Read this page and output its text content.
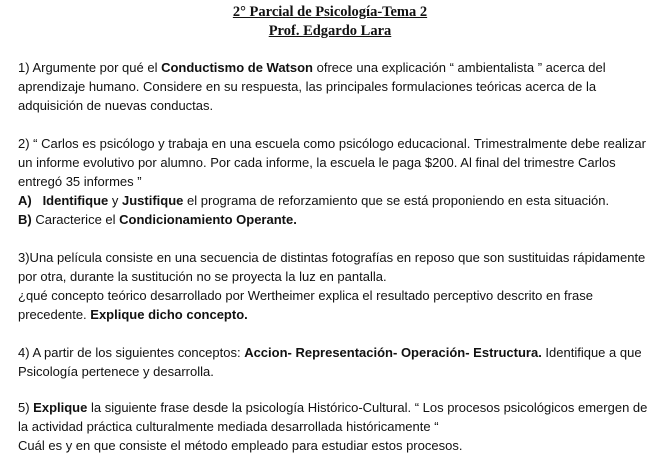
2° Parcial de Psicología-Tema 2
Prof. Edgardo Lara

1) Argumente por qué el Conductismo de Watson ofrece una explicación “ ambientalista ” acerca del aprendizaje humano. Considere en su respuesta, las principales formulaciones teóricas acerca de la adquisición de nuevas conductas.

2) “ Carlos es psicólogo y trabaja en una escuela como psicólogo educacional. Trimestralmente debe realizar un informe evolutivo por alumno. Por cada informe, la escuela le paga $200. Al final del trimestre Carlos entregó 35 informes ”

A) Identifique y Justifique el programa de reforzamiento que se está proponiendo en esta situación.

B) Caracterice el Condicionamiento Operante.

3)Una película consiste en una secuencia de distintas fotografías en reposo que son sustituidas rápidamente por otra, durante la sustitución no se proyecta la luz en pantalla.

¿qué concepto teórico desarrollado por Wertheimer explica el resultado perceptivo descrito en frase precedente. Explique dicho concepto.

4) A partir de los siguientes conceptos: Accion- Representación- Operación- Estructura. Identifique a que Psicología pertenece y desarrolla.

5) Explique la siguiente frase desde la psicología Histórico-Cultural. “ Los procesos psicológicos emergen de la actividad práctica culturalmente mediada desarrollada históricamente “

Cuál es y en que consiste el método empleado para estudiar estos procesos.
